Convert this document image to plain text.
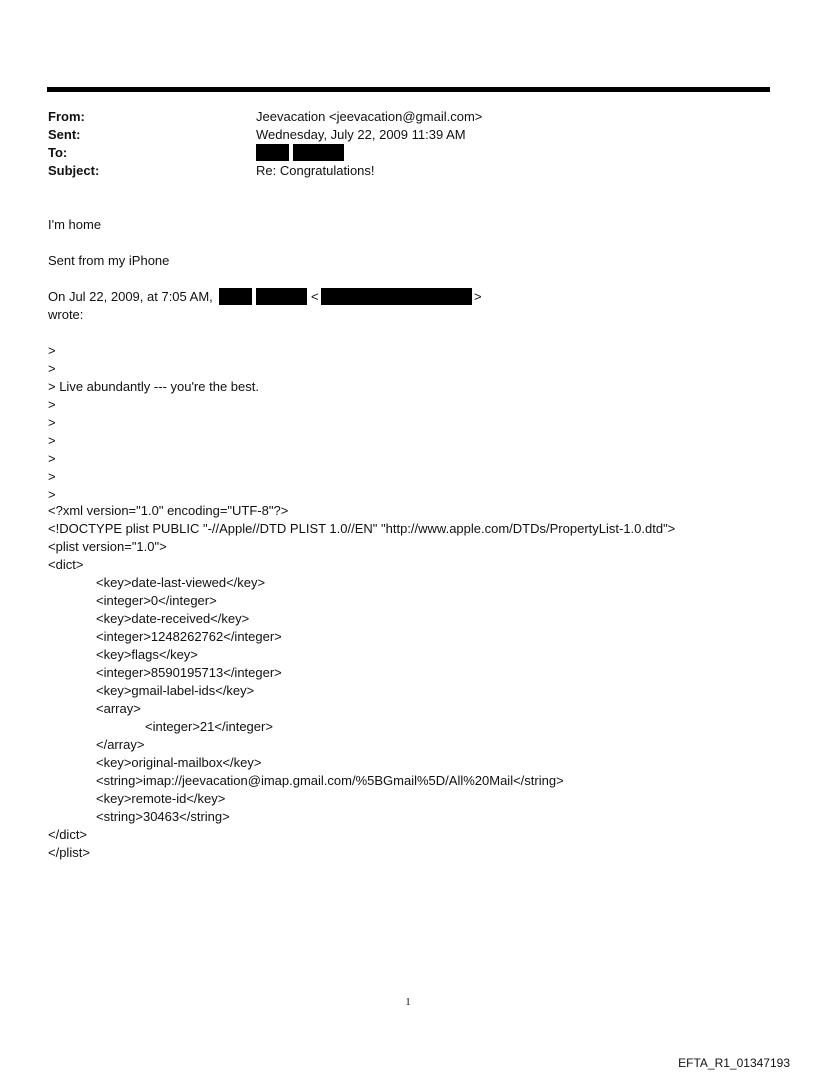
From:	Jeevacation <jeevacation@gmail.com>
Sent:	Wednesday, July 22, 2009 11:39 AM
To:
Subject:	Re: Congratulations!
I'm home
Sent from my iPhone
On Jul 22, 2009, at 7:05 AM,	<	>
wrote:
>
>
> Live abundantly --- you're the best.
>
>
>
>
>
>
<?xml version="1.0" encoding="UTF-8"?>
<!DOCTYPE plist PUBLIC "-//Apple//DTD PLIST 1.0//EN" "http://www.apple.com/DTDs/PropertyList-1.0.dtd">
<plist version="1.0">
<dict>
<key>date-last-viewed</key>
<integer>0</integer>
<key>date-received</key>
<integer>1248262762</integer>
<key>flags</key>
<integer>8590195713</integer>
<key>gmail-label-ids</key>
<array>
<integer>21</integer>
</array>
<key>original-mailbox</key>
<string>imap://jeevacation@imap.gmail.com/%5BGmail%5D/All%20Mail</string>
<key>remote-id</key>
<string>30463</string>
</dict>
</plist>
1
EFTA_R1_01347193
